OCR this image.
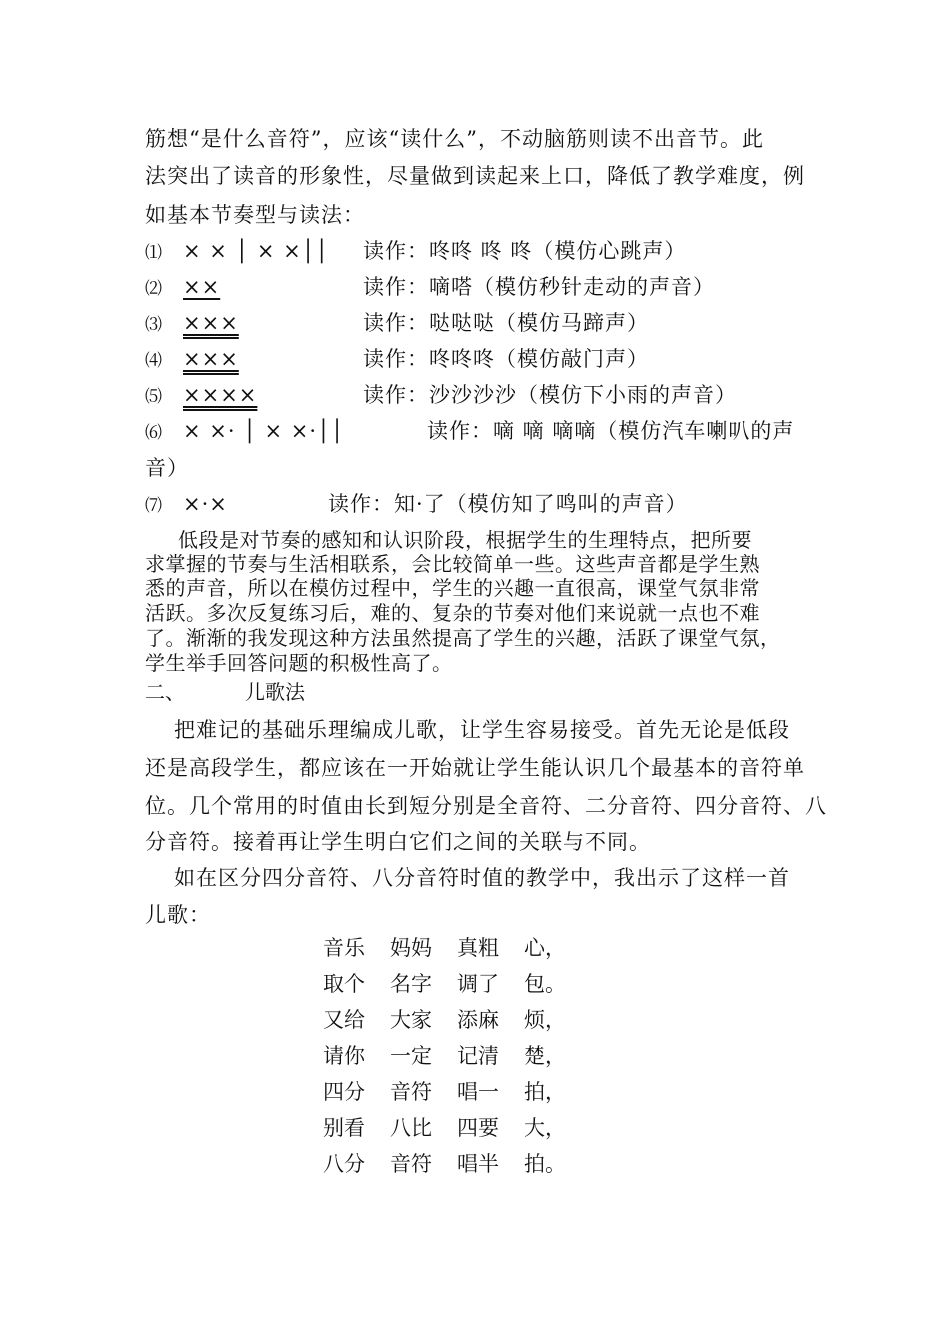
筋想“是什么音符”，应该“读什么”，不动脑筋则读不出音节。此
法突出了读音的形象性，尽量做到读起来上口，降低了教学难度，例
如基本节奏型与读法：
⑴ × × │ × ×││ 读作：咚咚 咚 咚（模仿心跳声）
⑵ ××	读作：嘀嗒（模仿秒针走动的声音）
⑶ ×××	读作：哒哒哒（模仿马蹄声）
⑷ ×××	读作：咚咚咚（模仿敲门声）
⑸ ××××	读作：沙沙沙沙（模仿下小雨的声音）
⑹ × ×· │ × ×·││	读作：嘀 嘀 嘀嘀（模仿汽车喇叭的声
音）
⑺ ×·×	读作：知·了（模仿知了鸣叫的声音）
低段是对节奏的感知和认识阶段，根据学生的生理特点，把所要
求掌握的节奏与生活相联系，会比较简单一些。这些声音都是学生熟
悉的声音，所以在模仿过程中，学生的兴趣一直很高，课堂气氛非常
活跃。多次反复练习后，难的、复杂的节奏对他们来说就一点也不难
了。渐渐的我发现这种方法虽然提高了学生的兴趣，活跃了课堂气氛，
学生举手回答问题的积极性高了。
二、	儿歌法
把难记的基础乐理编成儿歌，让学生容易接受。首先无论是低段
还是高段学生，都应该在一开始就让学生能认识几个最基本的音符单
位。几个常用的时值由长到短分别是全音符、二分音符、四分音符、八
分音符。接着再让学生明白它们之间的关联与不同。
如在区分四分音符、八分音符时值的教学中，我出示了这样一首
儿歌：
音乐 妈妈 真粗 心，
取个 名字 调了 包。
又给 大家 添麻 烦，
请你 一定 记清 楚，
四分 音符 唱一 拍，
别看 八比 四要 大，
八分 音符 唱半 拍。
